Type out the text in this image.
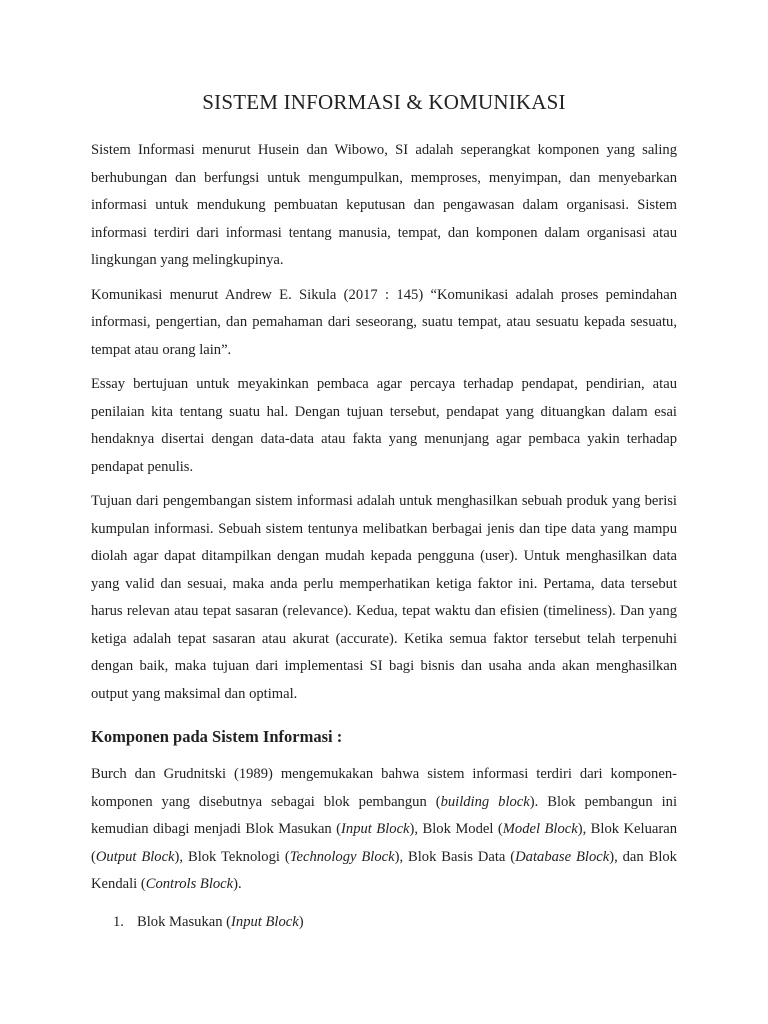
SISTEM INFORMASI & KOMUNIKASI

Sistem Informasi menurut Husein dan Wibowo, SI adalah seperangkat komponen yang saling berhubungan dan berfungsi untuk mengumpulkan, memproses, menyimpan, dan menyebarkan informasi untuk mendukung pembuatan keputusan dan pengawasan dalam organisasi. Sistem informasi terdiri dari informasi tentang manusia, tempat, dan komponen dalam organisasi atau lingkungan yang melingkupinya.

Komunikasi menurut Andrew E. Sikula (2017 : 145) “Komunikasi adalah proses pemindahan informasi, pengertian, dan pemahaman dari seseorang, suatu tempat, atau sesuatu kepada sesuatu, tempat atau orang lain”.

Essay bertujuan untuk meyakinkan pembaca agar percaya terhadap pendapat, pendirian, atau penilaian kita tentang suatu hal. Dengan tujuan tersebut, pendapat yang dituangkan dalam esai hendaknya disertai dengan data-data atau fakta yang menunjang agar pembaca yakin terhadap pendapat penulis.

Tujuan dari pengembangan sistem informasi adalah untuk menghasilkan sebuah produk yang berisi kumpulan informasi. Sebuah sistem tentunya melibatkan berbagai jenis dan tipe data yang mampu diolah agar dapat ditampilkan dengan mudah kepada pengguna (user). Untuk menghasilkan data yang valid dan sesuai, maka anda perlu memperhatikan ketiga faktor ini. Pertama, data tersebut harus relevan atau tepat sasaran (relevance). Kedua, tepat waktu dan efisien (timeliness). Dan yang ketiga adalah tepat sasaran atau akurat (accurate). Ketika semua faktor tersebut telah terpenuhi dengan baik, maka tujuan dari implementasi SI bagi bisnis dan usaha anda akan menghasilkan output yang maksimal dan optimal.

Komponen pada Sistem Informasi :

Burch dan Grudnitski (1989) mengemukakan bahwa sistem informasi terdiri dari komponen-komponen yang disebutnya sebagai blok pembangun (building block). Blok pembangun ini kemudian dibagi menjadi Blok Masukan (Input Block), Blok Model (Model Block), Blok Keluaran (Output Block), Blok Teknologi (Technology Block), Blok Basis Data (Database Block), dan Blok Kendali (Controls Block).

1. Blok Masukan (Input Block)
